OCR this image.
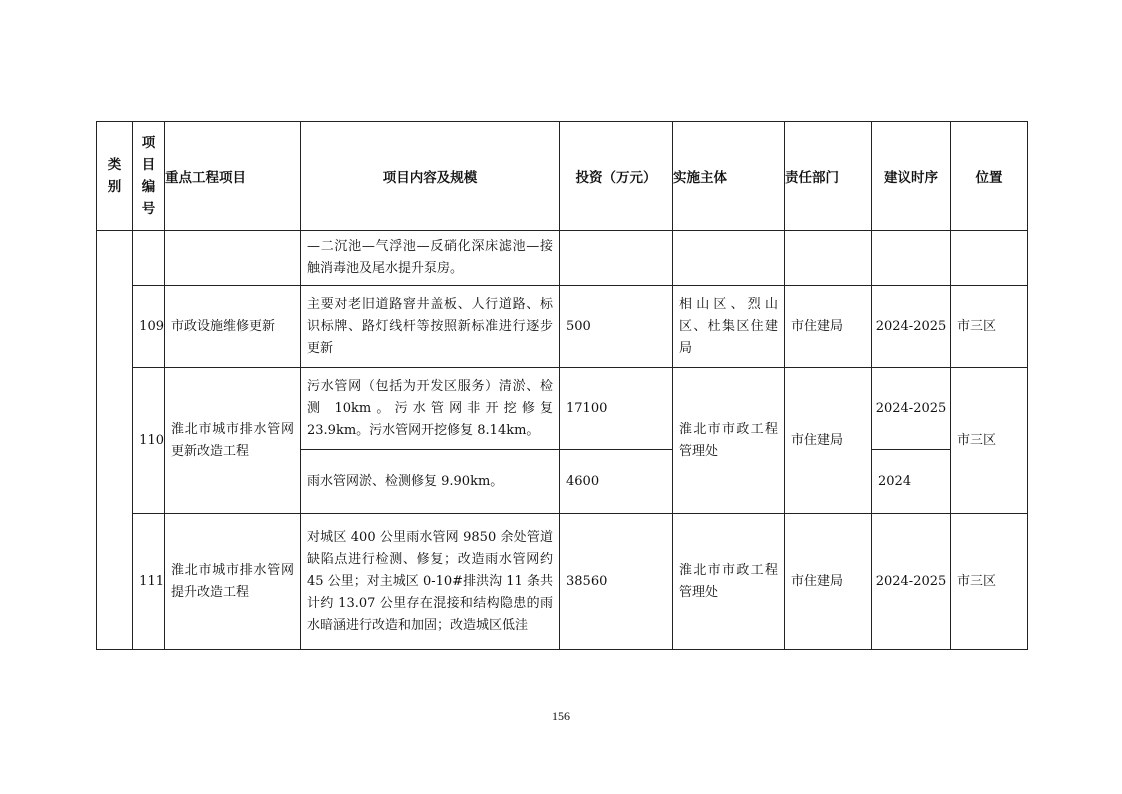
类别	项目编号	重点工程项目	项目内容及规模	投资（万元）	实施主体	责任部门	建议时序	位置

			—二沉池—气浮池—反硝化深床滤池—接触消毒池及尾水提升泵房。					

	109	市政设施维修更新	主要对老旧道路窨井盖板、人行道路、标识标牌、路灯线杆等按照新标准进行逐步更新	500	相山区、烈山区、杜集区住建局	市住建局	2024-2025	市三区

	110	淮北市城市排水管网更新改造工程	污水管网（包括为开发区服务）清淤、检测 10km。污水管网非开挖修复 23.9km。污水管网开挖修复 8.14km。	17100	淮北市市政工程管理处	市住建局	2024-2025	市三区

			雨水管网淤、检测修复 9.90km。	4600			2024	

	111	淮北市城市排水管网提升改造工程	对城区 400 公里雨水管网 9850 余处管道缺陷点进行检测、修复；改造雨水管网约 45 公里；对主城区 0-10#排洪沟 11 条共计约 13.07 公里存在混接和结构隐患的雨水暗涵进行改造和加固；改造城区低洼	38560	淮北市市政工程管理处	市住建局	2024-2025	市三区
156
